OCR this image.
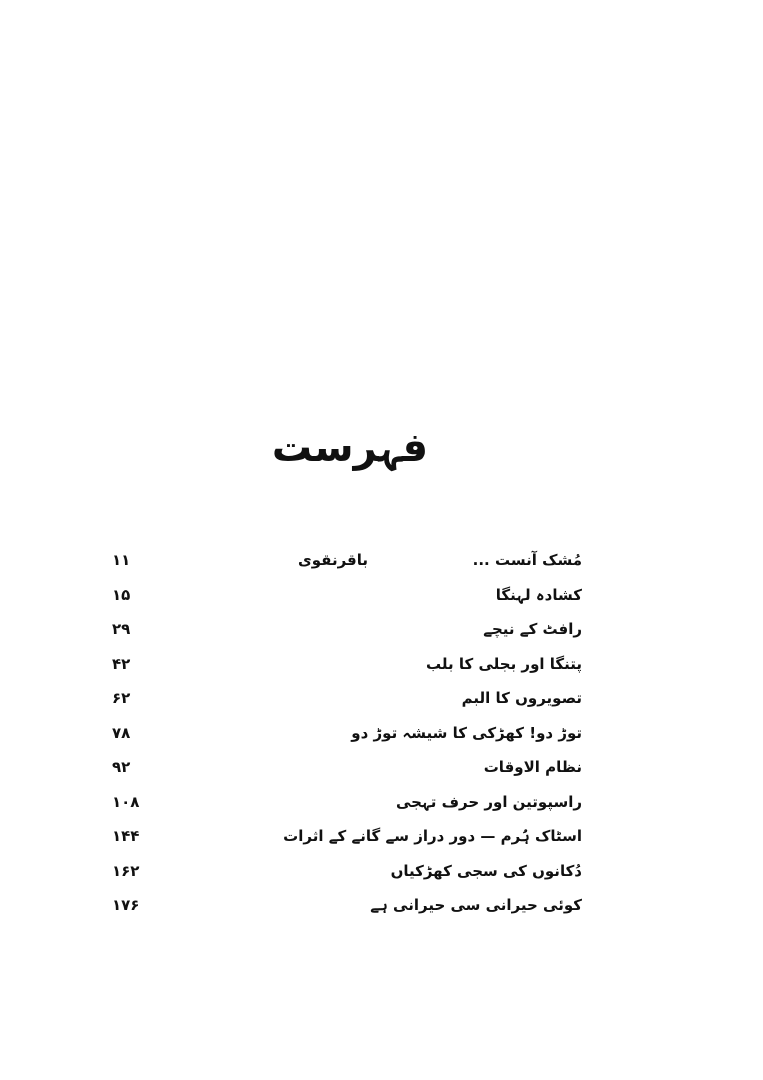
فہرست
۱۱	باقرنقوی	مُشک آنست ...
۱۵	کشادہ لہنگا
۲۹	رافٹ کے نیچے
۴۲	پتنگا اور بجلی کا بلب
۶۲	تصویروں کا البم
۷۸	توڑ دو! کھڑکی کا شیشہ توڑ دو
۹۲	نظام الاوقات
۱۰۸	راسپوتین اور حرف تہجی
۱۴۴	اسٹاک ہُرم — دور دراز سے گانے کے اثرات
۱۶۲	دُکانوں کی سجی کھڑکیاں
۱۷۶	کوئی حیرانی سی حیرانی ہے
